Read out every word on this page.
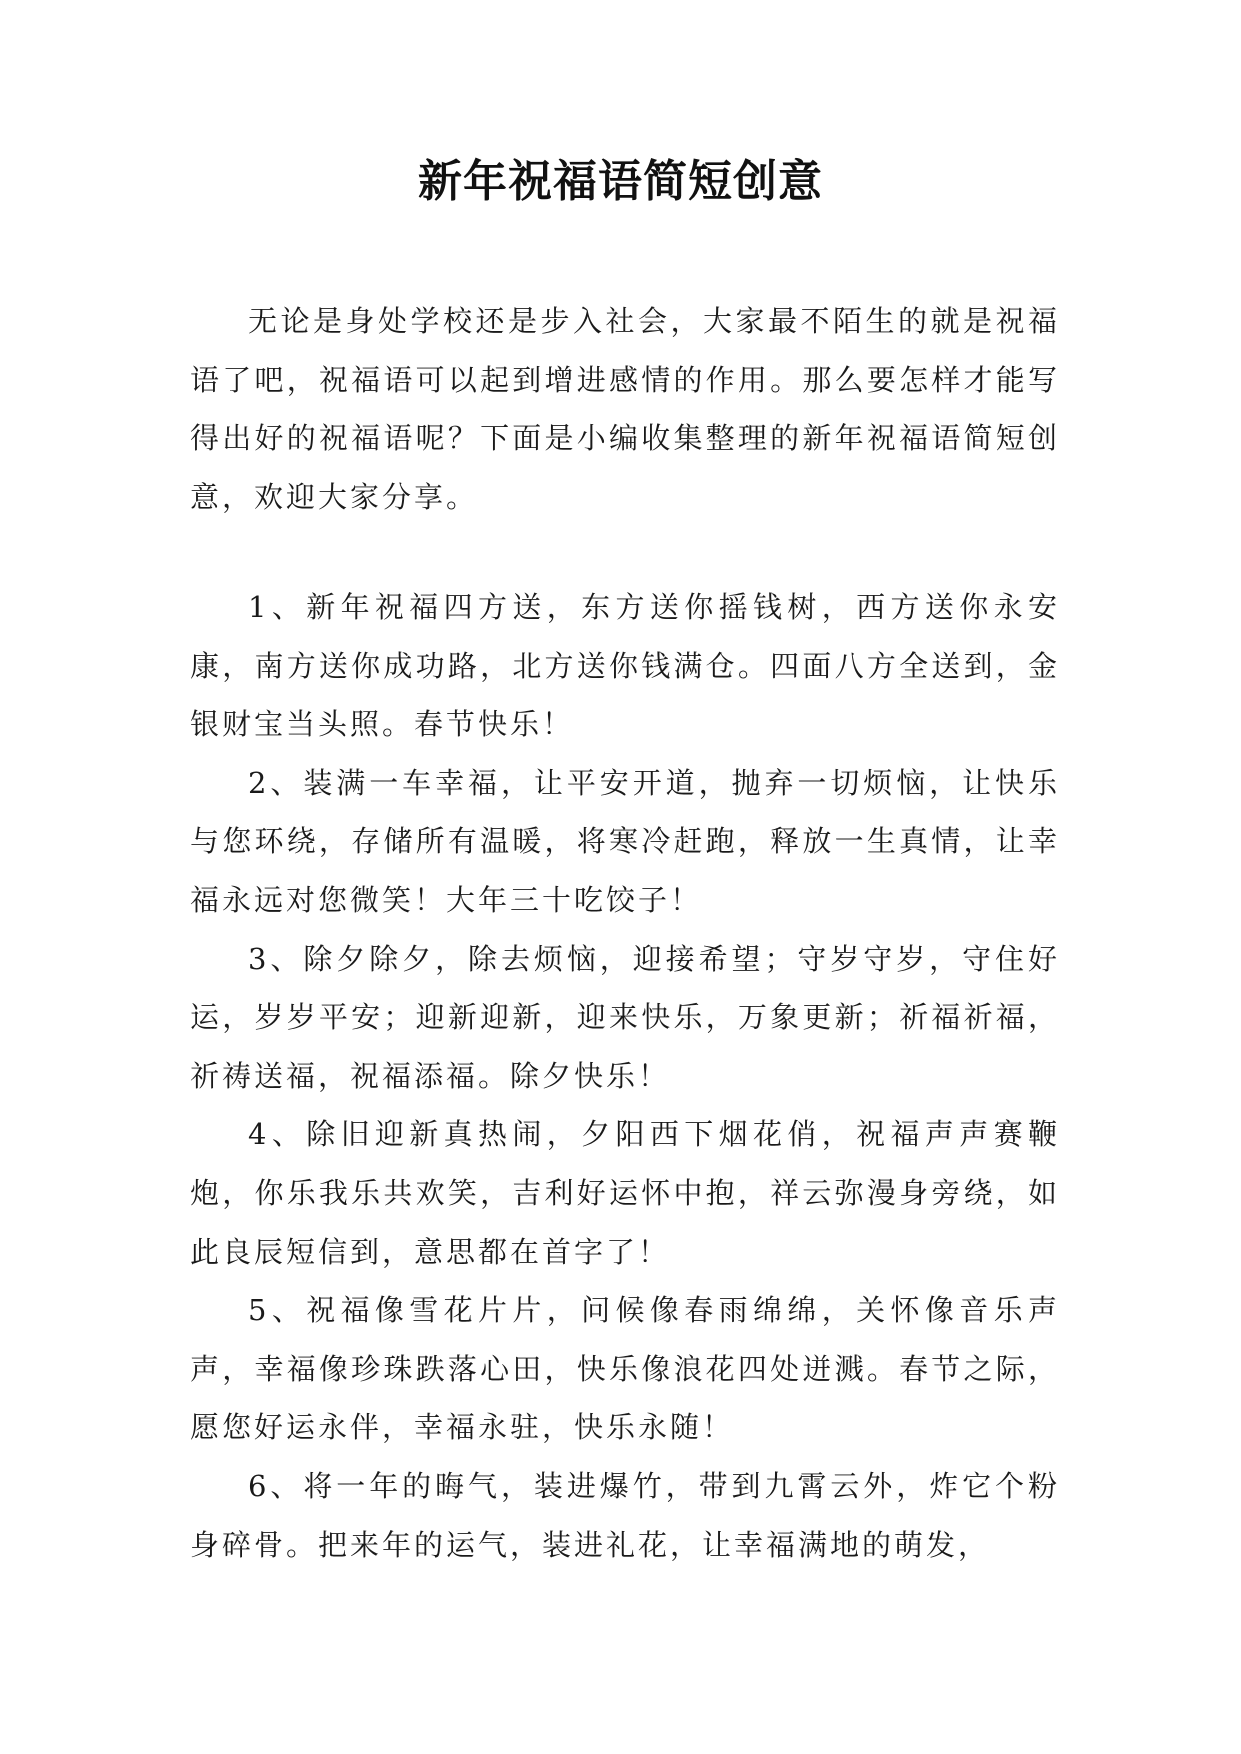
新年祝福语简短创意

无论是身处学校还是步入社会，大家最不陌生的就是祝福语了吧，祝福语可以起到增进感情的作用。那么要怎样才能写得出好的祝福语呢？下面是小编收集整理的新年祝福语简短创意，欢迎大家分享。

1、新年祝福四方送，东方送你摇钱树，西方送你永安康，南方送你成功路，北方送你钱满仓。四面八方全送到，金银财宝当头照。春节快乐！

2、装满一车幸福，让平安开道，抛弃一切烦恼，让快乐与您环绕，存储所有温暖，将寒冷赶跑，释放一生真情，让幸福永远对您微笑！大年三十吃饺子！

3、除夕除夕，除去烦恼，迎接希望；守岁守岁，守住好运，岁岁平安；迎新迎新，迎来快乐，万象更新；祈福祈福，祈祷送福，祝福添福。除夕快乐！

4、除旧迎新真热闹，夕阳西下烟花俏，祝福声声赛鞭炮，你乐我乐共欢笑，吉利好运怀中抱，祥云弥漫身旁绕，如此良辰短信到，意思都在首字了！

5、祝福像雪花片片，问候像春雨绵绵，关怀像音乐声声，幸福像珍珠跌落心田，快乐像浪花四处迸溅。春节之际，愿您好运永伴，幸福永驻，快乐永随！

6、将一年的晦气，装进爆竹，带到九霄云外，炸它个粉身碎骨。把来年的运气，装进礼花，让幸福满地的萌发，
